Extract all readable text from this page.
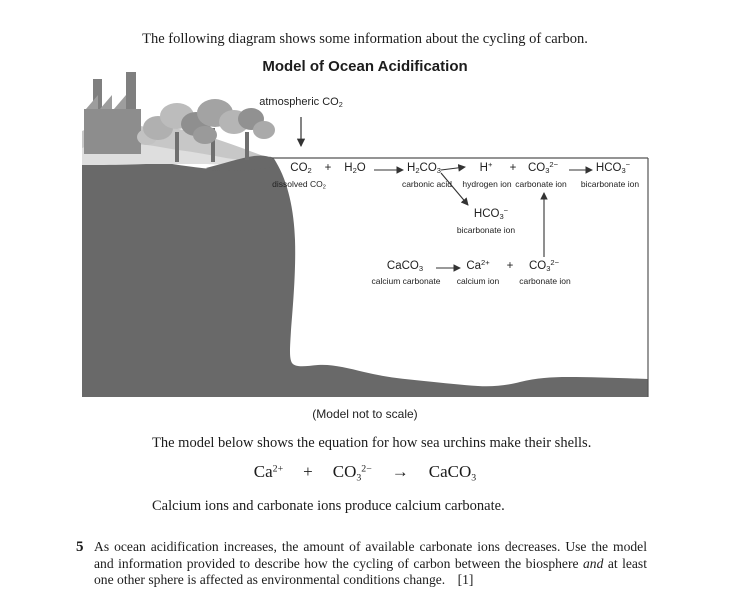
The following diagram shows some information about the cycling of carbon.

Model of Ocean Acidification
atmospheric $CO_2$
$CO_2$
dissolved $CO_2$
+ $H_2O$	$H_2CO_3$
carbonic acid
H+
hydrogen ion
+ $CO_3^{2-}$
carbonate ion
$HCO_3^-$
bicarbonate ion
$HCO_3^-$
bicarbonate ion
CaCO$_3$
calcium carbonate
$Ca^{2+}$
calcium ion
+ $CO_3^{2-}$
carbonate ion

(Model not to scale)

The model below shows the equation for how sea urchins make their shells.

$Ca^{2+} + CO_3^{2-}$ → CaCO$_3$

Calcium ions and carbonate ions produce calcium carbonate.

5 As ocean acidification increases, the amount of available carbonate ions decreases. Use the model and information provided to describe how the cycling of carbon between the biosphere and at least one other sphere is affected as environmental conditions change. [1]
